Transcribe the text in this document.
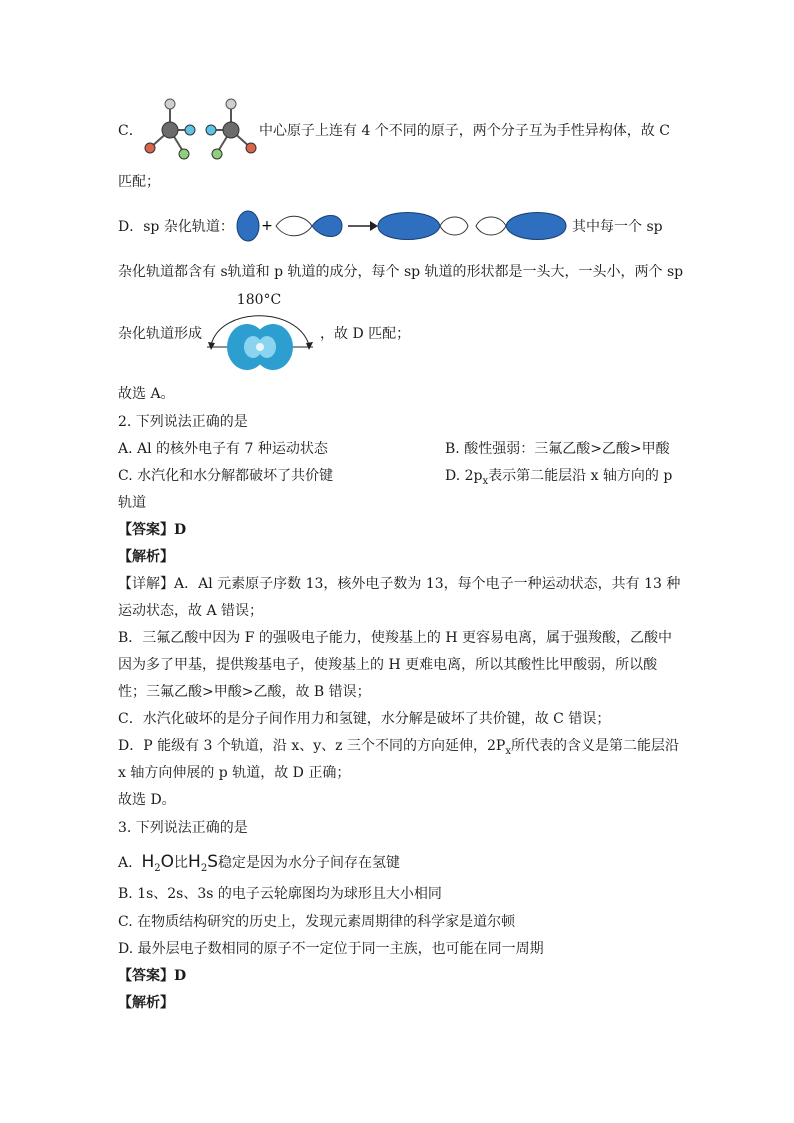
C．	中心原子上连有 4 个不同的原子，两个分子互为手性异构体，故 C
匹配；
D．sp 杂化轨道： +	其中每一个 sp
杂化轨道都含有 s轨道和 p 轨道的成分，每个 sp 轨道的形状都是一头大，一头小，两个 sp
杂化轨道形成
180°C
，故 D 匹配；
故选 A。
2. 下列说法正确的是
A. Al 的核外电子有 7 种运动状态	B. 酸性强弱：三氟乙酸>乙酸>甲酸
C. 水汽化和水分解都破坏了共价键	D. $2p_x$表示第二能层沿 x 轴方向的 p
轨道
【答案】D
【解析】
【详解】A．Al 元素原子序数 13，核外电子数为 13，每个电子一种运动状态，共有 13 种
运动状态，故 A 错误；
B．三氟乙酸中因为 F 的强吸电子能力，使羧基上的 H 更容易电离，属于强羧酸，乙酸中
因为多了甲基，提供羧基电子，使羧基上的 H 更难电离，所以其酸性比甲酸弱，所以酸
性；三氟乙酸>甲酸>乙酸，故 B 错误；
C．水汽化破坏的是分子间作用力和氢键，水分解是破坏了共价键，故 C 错误；
D．P 能级有 3 个轨道，沿 x、y、z 三个不同的方向延伸，$2P_x$所代表的含义是第二能层沿
x 轴方向伸展的 p 轨道，故 D 正确；
故选 D。
3. 下列说法正确的是
A. $H_2O$比$H_2S$稳定是因为水分子间存在氢键
B. 1s、2s、3s 的电子云轮廓图均为球形且大小相同
C. 在物质结构研究的历史上，发现元素周期律的科学家是道尔顿
D. 最外层电子数相同的原子不一定位于同一主族，也可能在同一周期
【答案】D
【解析】
